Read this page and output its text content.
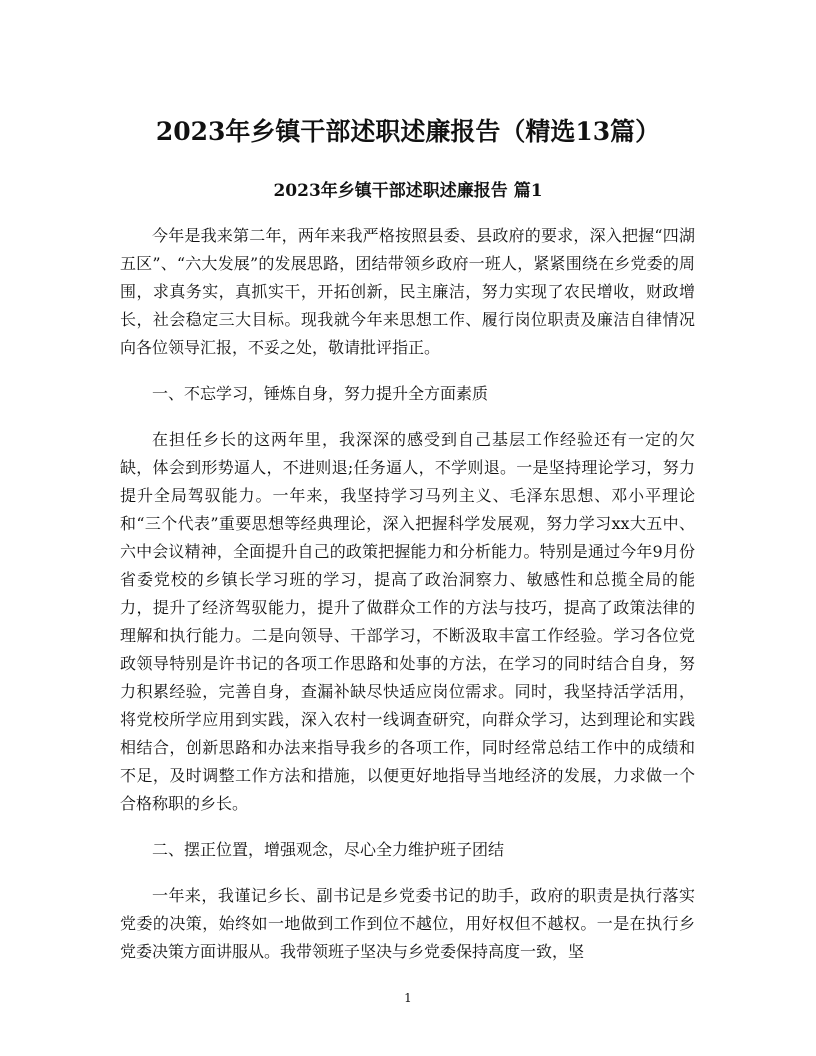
2023年乡镇干部述职述廉报告（精选13篇）
2023年乡镇干部述职述廉报告 篇1

今年是我来第二年，两年来我严格按照县委、县政府的要求，深入把握“四湖五区”、“六大发展”的发展思路，团结带领乡政府一班人，紧紧围绕在乡党委的周围，求真务实，真抓实干，开拓创新，民主廉洁，努力实现了农民增收，财政增长，社会稳定三大目标。现我就今年来思想工作、履行岗位职责及廉洁自律情况向各位领导汇报，不妥之处，敬请批评指正。

一、不忘学习，锤炼自身，努力提升全方面素质

在担任乡长的这两年里，我深深的感受到自己基层工作经验还有一定的欠缺，体会到形势逼人，不进则退;任务逼人，不学则退。一是坚持理论学习，努力提升全局驾驭能力。一年来，我坚持学习马列主义、毛泽东思想、邓小平理论和“三个代表”重要思想等经典理论，深入把握科学发展观，努力学习xx大五中、六中会议精神，全面提升自己的政策把握能力和分析能力。特别是通过今年9月份省委党校的乡镇长学习班的学习，提高了政治洞察力、敏感性和总揽全局的能力，提升了经济驾驭能力，提升了做群众工作的方法与技巧，提高了政策法律的理解和执行能力。二是向领导、干部学习，不断汲取丰富工作经验。学习各位党政领导特别是许书记的各项工作思路和处事的方法，在学习的同时结合自身，努力积累经验，完善自身，查漏补缺尽快适应岗位需求。同时，我坚持活学活用，将党校所学应用到实践，深入农村一线调查研究，向群众学习，达到理论和实践相结合，创新思路和办法来指导我乡的各项工作，同时经常总结工作中的成绩和不足，及时调整工作方法和措施，以便更好地指导当地经济的发展，力求做一个合格称职的乡长。

二、摆正位置，增强观念，尽心全力维护班子团结

一年来，我谨记乡长、副书记是乡党委书记的助手，政府的职责是执行落实党委的决策，始终如一地做到工作到位不越位，用好权但不越权。一是在执行乡党委决策方面讲服从。我带领班子坚决与乡党委保持高度一致，坚

1
